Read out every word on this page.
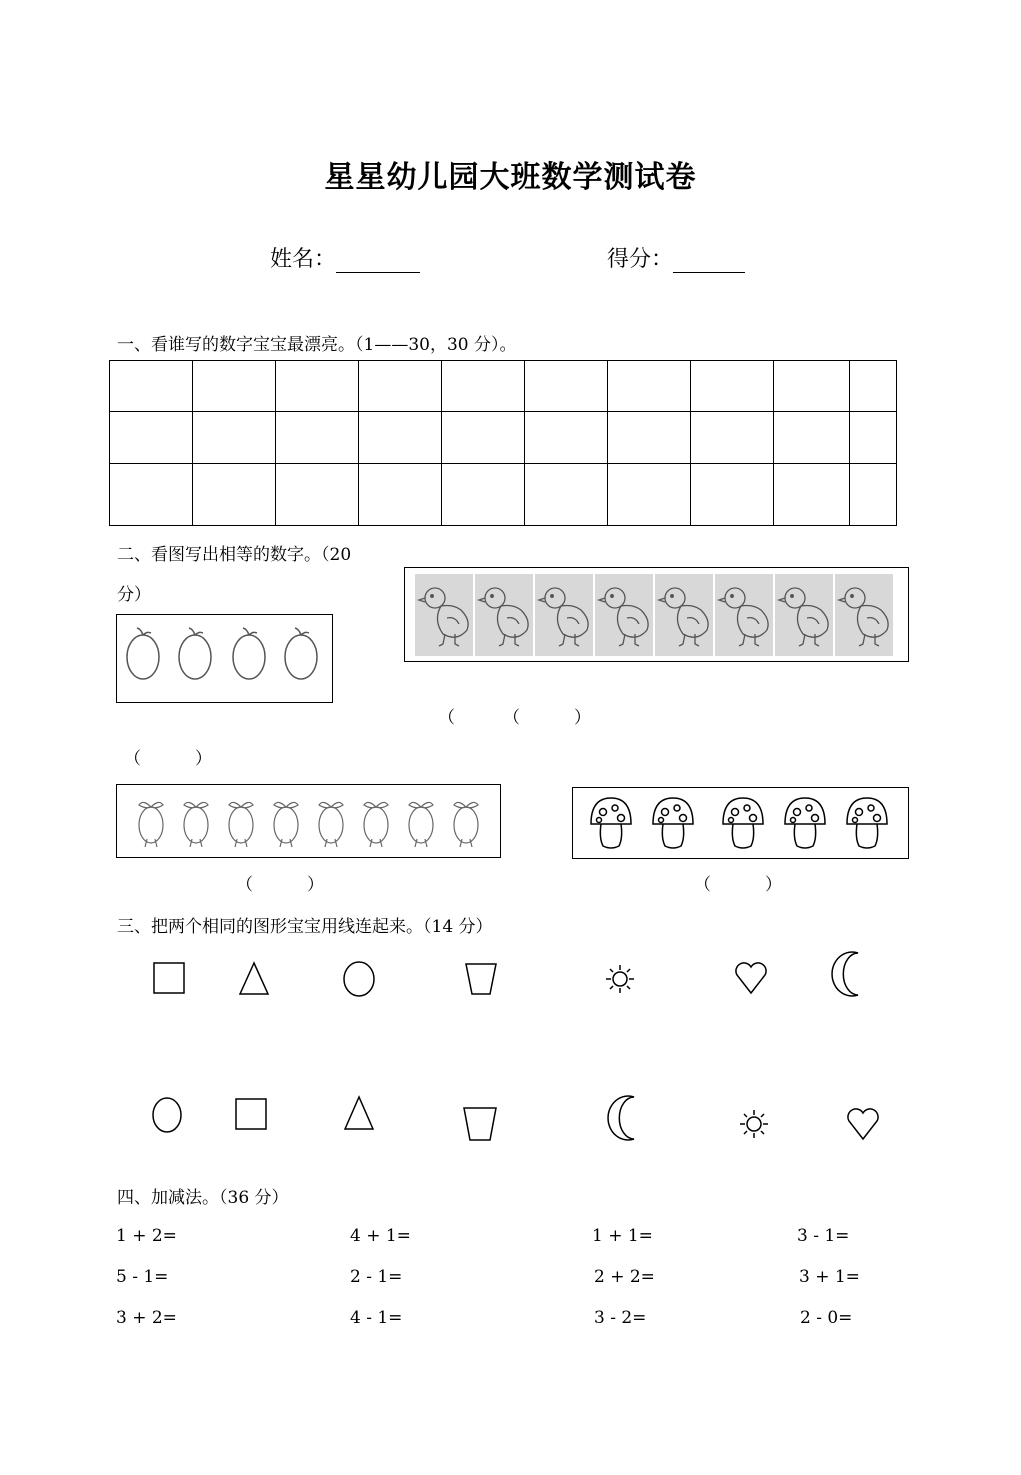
星星幼儿园大班数学测试卷
姓名：	得分：
一、看谁写的数字宝宝最漂亮。（1——30，30 分）。

二、看图写出相等的数字。（20
分）
（	（          ）
（          ）
（          ）	（          ）
三、把两个相同的图形宝宝用线连起来。（14 分）
四、加减法。（36 分）
1 + 2=	4 + 1=	1 + 1=	3 - 1=
5 - 1=	2 - 1=	2 + 2=	3 + 1=
3 + 2=	4 - 1=	3 - 2=	2 - 0=
